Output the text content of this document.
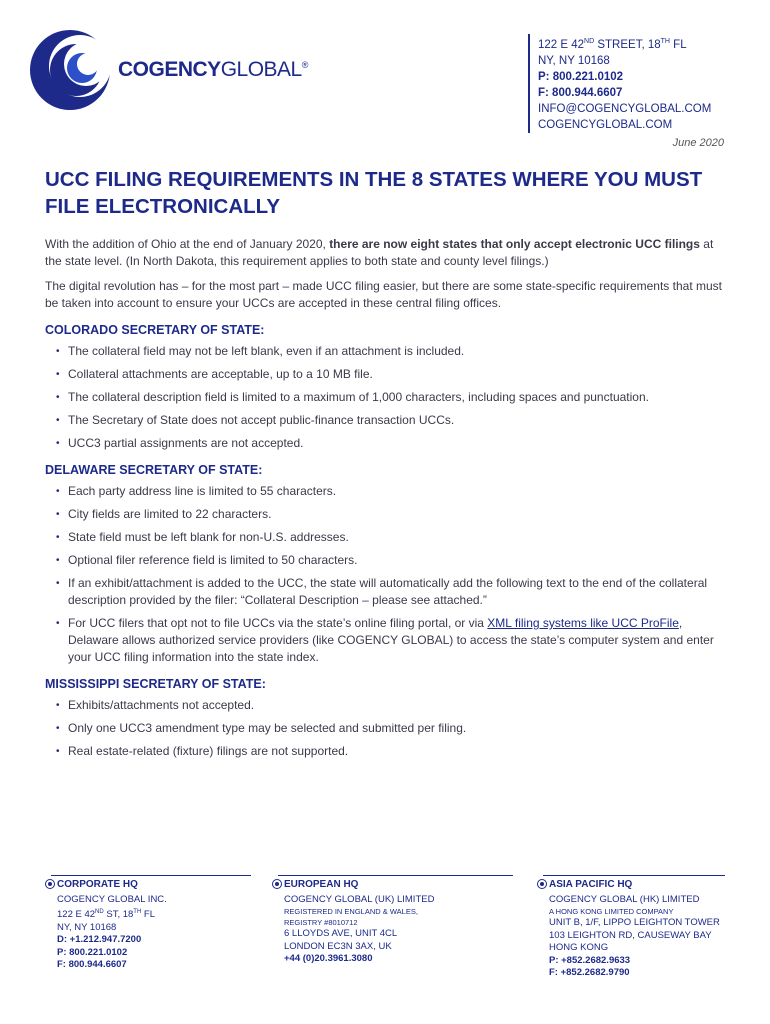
COGENCYGLOBAL®
122 E 42ND STREET, 18TH FL
NY, NY 10168
P: 800.221.0102
F: 800.944.6607
INFO@COGENCYGLOBAL.COM
COGENCYGLOBAL.COM
June 2020
UCC FILING REQUIREMENTS IN THE 8 STATES WHERE YOU MUST FILE ELECTRONICALLY

With the addition of Ohio at the end of January 2020, there are now eight states that only accept electronic UCC filings at the state level. (In North Dakota, this requirement applies to both state and county level filings.)

The digital revolution has – for the most part – made UCC filing easier, but there are some state-specific requirements that must be taken into account to ensure your UCCs are accepted in these central filing offices.

COLORADO SECRETARY OF STATE:
• The collateral field may not be left blank, even if an attachment is included.
• Collateral attachments are acceptable, up to a 10 MB file.
• The collateral description field is limited to a maximum of 1,000 characters, including spaces and punctuation.
• The Secretary of State does not accept public-finance transaction UCCs.
• UCC3 partial assignments are not accepted.
DELAWARE SECRETARY OF STATE:
• Each party address line is limited to 55 characters.
• City fields are limited to 22 characters.
• State field must be left blank for non-U.S. addresses.
• Optional filer reference field is limited to 50 characters.
• If an exhibit/attachment is added to the UCC, the state will automatically add the following text to the end of the collateral description provided by the filer: “Collateral Description – please see attached.”
• For UCC filers that opt not to file UCCs via the state’s online filing portal, or via XML filing systems like UCC ProFile, Delaware allows authorized service providers (like COGENCY GLOBAL) to access the state’s computer system and enter your UCC filing information into the state index.
MISSISSIPPI SECRETARY OF STATE:
• Exhibits/attachments not accepted.
• Only one UCC3 amendment type may be selected and submitted per filing.
• Real estate-related (fixture) filings are not supported.
CORPORATE HQ
COGENCY GLOBAL INC.
122 E 42ND ST, 18TH FL
NY, NY 10168
D: +1.212.947.7200
P: 800.221.0102
F: 800.944.6607
EUROPEAN HQ
COGENCY GLOBAL (UK) LIMITED
REGISTERED IN ENGLAND & WALES,
REGISTRY #8010712
6 LLOYDS AVE, UNIT 4CL
LONDON EC3N 3AX, UK
+44 (0)20.3961.3080
ASIA PACIFIC HQ
COGENCY GLOBAL (HK) LIMITED
A HONG KONG LIMITED COMPANY
UNIT B, 1/F, LIPPO LEIGHTON TOWER
103 LEIGHTON RD, CAUSEWAY BAY
HONG KONG
P: +852.2682.9633
F: +852.2682.9790
